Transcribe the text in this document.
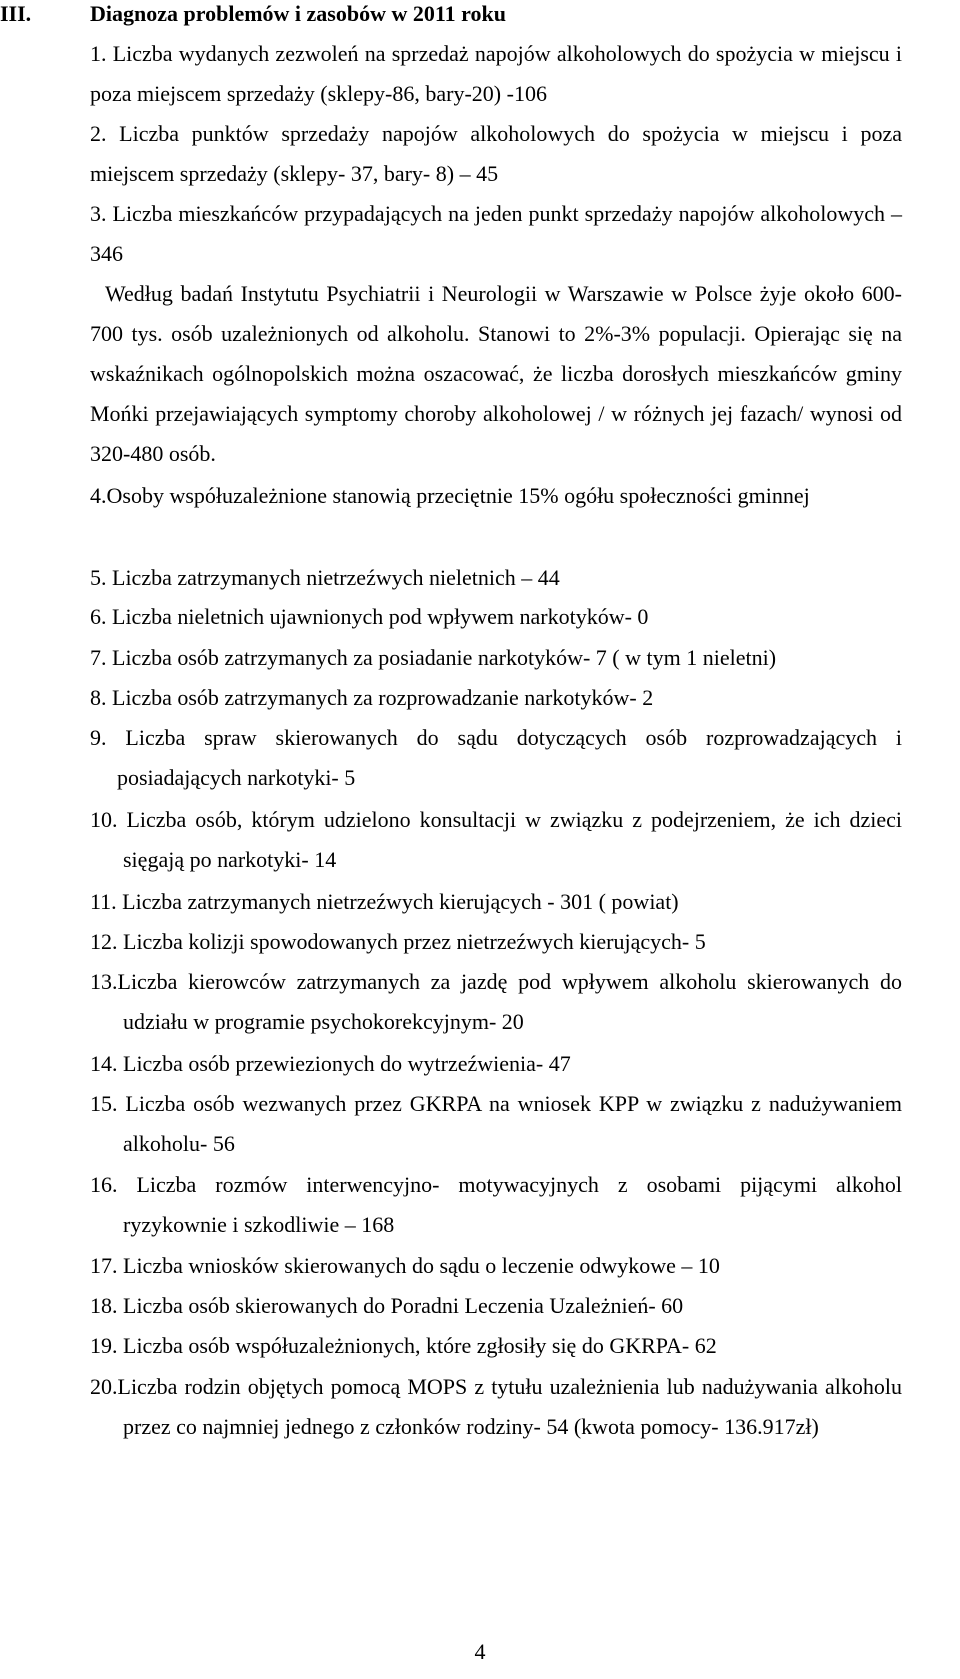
III.	Diagnoza problemów i zasobów w 2011 roku

1. Liczba wydanych zezwoleń na sprzedaż napojów alkoholowych do spożycia w miejscu i poza miejscem sprzedaży (sklepy-86, bary-20) -106

2. Liczba punktów sprzedaży napojów alkoholowych do spożycia w miejscu i poza miejscem sprzedaży (sklepy- 37, bary- 8) – 45

3. Liczba mieszkańców przypadających na jeden punkt sprzedaży napojów alkoholowych – 346

Według badań Instytutu Psychiatrii i Neurologii w Warszawie w Polsce żyje około 600-700 tys. osób uzależnionych od alkoholu. Stanowi to 2%-3% populacji. Opierając się na wskaźnikach ogólnopolskich można oszacować, że liczba dorosłych mieszkańców gminy Mońki przejawiających symptomy choroby alkoholowej / w różnych jej fazach/ wynosi od 320-480 osób.

4.Osoby współuzależnione stanowią przeciętnie 15% ogółu społeczności gminnej

5. Liczba zatrzymanych nietrzeźwych nieletnich – 44

6. Liczba nieletnich ujawnionych pod wpływem narkotyków- 0

7. Liczba osób zatrzymanych za posiadanie narkotyków- 7 ( w tym 1 nieletni)

8. Liczba osób zatrzymanych za rozprowadzanie narkotyków- 2

9. Liczba spraw skierowanych do sądu dotyczących osób rozprowadzających i posiadających narkotyki- 5

10. Liczba osób, którym udzielono konsultacji w związku z podejrzeniem, że ich dzieci sięgają po narkotyki- 14

11. Liczba zatrzymanych nietrzeźwych kierujących - 301 ( powiat)

12. Liczba kolizji spowodowanych przez nietrzeźwych kierujących- 5

13.Liczba kierowców zatrzymanych za jazdę pod wpływem alkoholu skierowanych do udziału w programie psychokorekcyjnym- 20

14. Liczba osób przewiezionych do wytrzeźwienia- 47

15. Liczba osób wezwanych przez GKRPA na wniosek KPP w związku z nadużywaniem alkoholu- 56

16. Liczba rozmów interwencyjno- motywacyjnych z osobami pijącymi alkohol ryzykownie i szkodliwie – 168

17. Liczba wniosków skierowanych do sądu o leczenie odwykowe – 10

18. Liczba osób skierowanych do Poradni Leczenia Uzależnień- 60

19. Liczba osób współuzależnionych, które zgłosiły się do GKRPA- 62

20.Liczba rodzin objętych pomocą MOPS z tytułu uzależnienia lub nadużywania alkoholu przez co najmniej jednego z członków rodziny- 54 (kwota pomocy- 136.917zł)

4
